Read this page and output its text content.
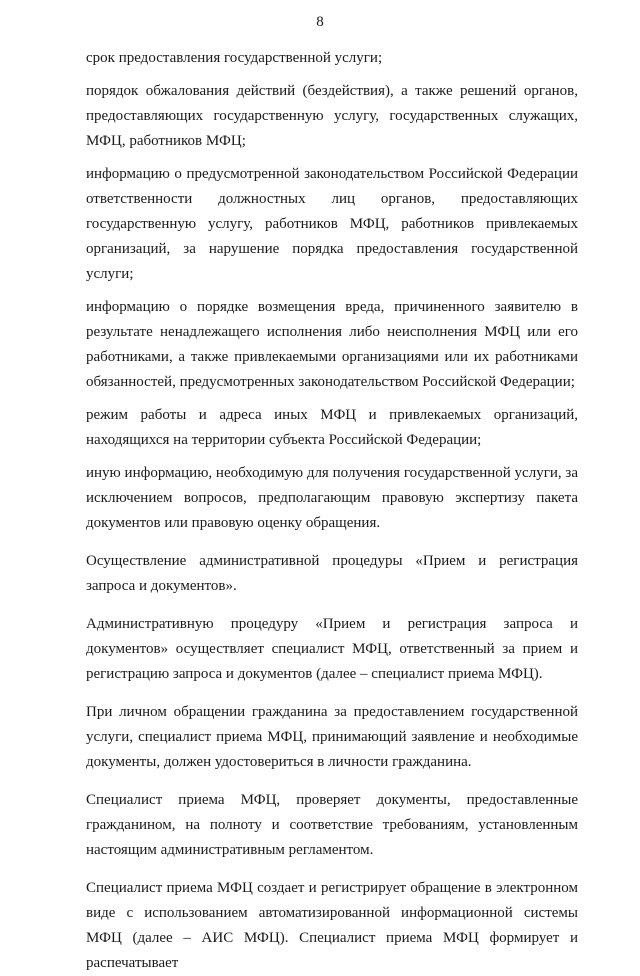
8

срок предоставления государственной услуги;

порядок обжалования действий (бездействия), а также решений органов, предоставляющих государственную услугу, государственных служащих, МФЦ, работников МФЦ;

информацию о предусмотренной законодательством Российской Федерации ответственности должностных лиц органов, предоставляющих государственную услугу, работников МФЦ, работников привлекаемых организаций, за нарушение порядка предоставления государственной услуги;

информацию о порядке возмещения вреда, причиненного заявителю в результате ненадлежащего исполнения либо неисполнения МФЦ или его работниками, а также привлекаемыми организациями или их работниками обязанностей, предусмотренных законодательством Российской Федерации;

режим работы и адреса иных МФЦ и привлекаемых организаций, находящихся на территории субъекта Российской Федерации;

иную информацию, необходимую для получения государственной услуги, за исключением вопросов, предполагающим правовую экспертизу пакета документов или правовую оценку обращения.

Осуществление административной процедуры «Прием и регистрация запроса и документов».

Административную процедуру «Прием и регистрация запроса и документов» осуществляет специалист МФЦ, ответственный за прием и регистрацию запроса и документов (далее – специалист приема МФЦ).

При личном обращении гражданина за предоставлением государственной услуги, специалист приема МФЦ, принимающий заявление и необходимые документы, должен удостовериться в личности гражданина.

Специалист приема МФЦ, проверяет документы, предоставленные гражданином, на полноту и соответствие требованиям, установленным настоящим административным регламентом.

Специалист приема МФЦ создает и регистрирует обращение в электронном виде с использованием автоматизированной информационной системы МФЦ (далее – АИС МФЦ). Специалист приема МФЦ формирует и распечатывает
